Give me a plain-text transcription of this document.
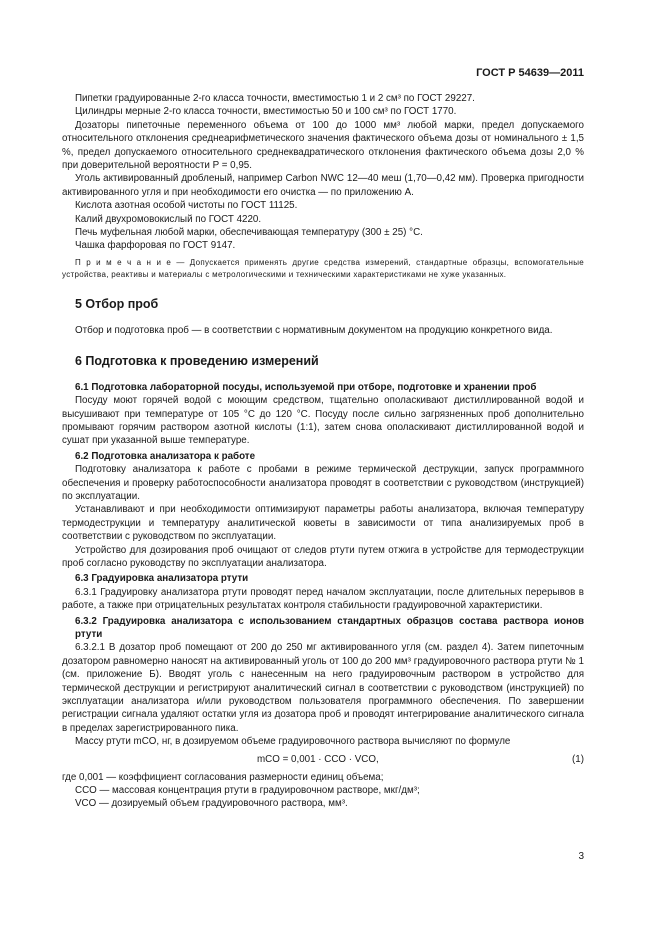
ГОСТ Р 54639—2011

Пипетки градуированные 2-го класса точности, вместимостью 1 и 2 см³ по ГОСТ 29227.

Цилиндры мерные 2-го класса точности, вместимостью 50 и 100 см³ по ГОСТ 1770.

Дозаторы пипеточные переменного объема от 100 до 1000 мм³ любой марки, предел допускаемого относительного отклонения среднеарифметического значения фактического объема дозы от номинального ± 1,5 %, предел допускаемого относительного среднеквадратического отклонения фактического объема дозы 2,0 % при доверительной вероятности P = 0,95.

Уголь активированный дробленый, например Carbon NWC 12—40 меш (1,70—0,42 мм). Проверка пригодности активированного угля и при необходимости его очистка — по приложению А.

Кислота азотная особой чистоты по ГОСТ 11125.

Калий двухромовокислый по ГОСТ 4220.

Печь муфельная любой марки, обеспечивающая температуру (300 ± 25) °С.

Чашка фарфоровая по ГОСТ 9147.

П р и м е ч а н и е — Допускается применять другие средства измерений, стандартные образцы, вспомогательные устройства, реактивы и материалы с метрологическими и техническими характеристиками не хуже указанных.

5 Отбор проб

Отбор и подготовка проб — в соответствии с нормативным документом на продукцию конкретного вида.

6 Подготовка к проведению измерений

6.1 Подготовка лабораторной посуды, используемой при отборе, подготовке и хранении проб

Посуду моют горячей водой с моющим средством, тщательно ополаскивают дистиллированной водой и высушивают при температуре от 105 °С до 120 °С. Посуду после сильно загрязненных проб дополнительно промывают горячим раствором азотной кислоты (1:1), затем снова ополаскивают дистиллированной водой и сушат при указанной выше температуре.

6.2 Подготовка анализатора к работе

Подготовку анализатора к работе с пробами в режиме термической деструкции, запуск программного обеспечения и проверку работоспособности анализатора проводят в соответствии с руководством (инструкцией) по эксплуатации.

Устанавливают и при необходимости оптимизируют параметры работы анализатора, включая температуру термодеструкции и температуру аналитической кюветы в зависимости от типа анализируемых проб в соответствии с руководством по эксплуатации.

Устройство для дозирования проб очищают от следов ртути путем отжига в устройстве для термодеструкции проб согласно руководству по эксплуатации анализатора.

6.3 Градуировка анализатора ртути

6.3.1 Градуировку анализатора ртути проводят перед началом эксплуатации, после длительных перерывов в работе, а также при отрицательных результатах контроля стабильности градуировочной характеристики.

6.3.2 Градуировка анализатора с использованием стандартных образцов состава раствора ионов ртути

6.3.2.1 В дозатор проб помещают от 200 до 250 мг активированного угля (см. раздел 4). Затем пипеточным дозатором равномерно наносят на активированный уголь от 100 до 200 мм³ градуировочного раствора ртути № 1 (см. приложение Б). Вводят уголь с нанесенным на него градуировочным раствором в устройство для термической деструкции и регистрируют аналитический сигнал в соответствии с руководством (инструкцией) по эксплуатации анализатора и/или руководством пользователя программного обеспечения. По завершении регистрации сигнала удаляют остатки угля из дозатора проб и проводят интегрирование аналитического сигнала в пределах зарегистрированного пика.

Массу ртути mCO, нг, в дозируемом объеме градуировочного раствора вычисляют по формуле

mCO = 0,001 · CCO · VCO,	(1)

где 0,001 — коэффициент согласования размерности единиц объема;

CCO — массовая концентрация ртути в градуировочном растворе, мкг/дм³;

VCO — дозируемый объем градуировочного раствора, мм³.

3
